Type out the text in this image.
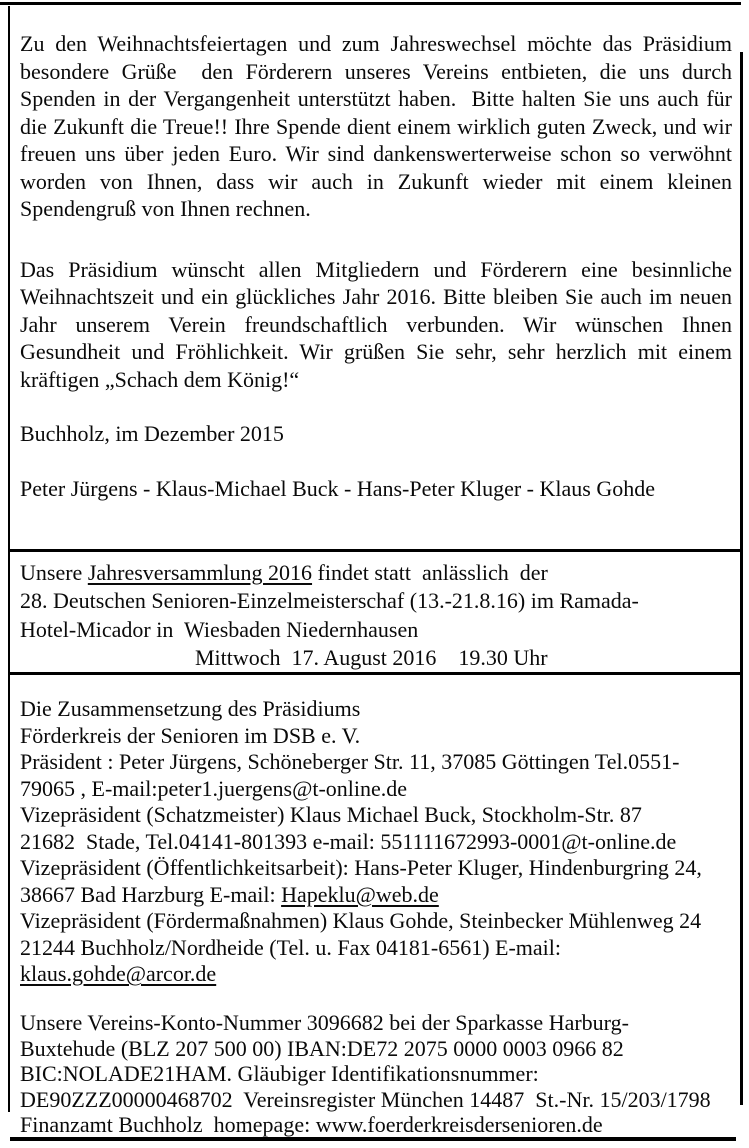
Zu den Weihnachtsfeiertagen und zum Jahreswechsel möchte das Präsidium besondere Grüße  den Förderern unseres Vereins entbieten, die uns durch Spenden in der Vergangenheit unterstützt haben.  Bitte halten Sie uns auch für die Zukunft die Treue!! Ihre Spende dient einem wirklich guten Zweck, und wir freuen uns über jeden Euro. Wir sind dankenswerterweise schon so verwöhnt worden von Ihnen, dass wir auch in Zukunft wieder mit einem kleinen Spendengruß von Ihnen rechnen.

Das Präsidium wünscht allen Mitgliedern und Förderern eine besinnliche Weihnachtszeit und ein glückliches Jahr 2016. Bitte bleiben Sie auch im neuen Jahr unserem Verein freundschaftlich verbunden. Wir wünschen Ihnen Gesundheit und Fröhlichkeit. Wir grüßen Sie sehr, sehr herzlich mit einem kräftigen „Schach dem König!“

Buchholz, im Dezember 2015
Peter Jürgens - Klaus-Michael Buck - Hans-Peter Kluger - Klaus Gohde
Unsere Jahresversammlung 2016 findet statt  anlässlich  der
28. Deutschen Senioren-Einzelmeisterschaf (13.-21.8.16) im Ramada-
Hotel-Micador in  Wiesbaden Niedernhausen
Mittwoch  17. August 2016    19.30 Uhr
Die Zusammensetzung des Präsidiums
Förderkreis der Senioren im DSB e. V.
Präsident : Peter Jürgens, Schöneberger Str. 11, 37085 Göttingen Tel.0551-
79065 , E-mail:peter1.juergens@t-online.de
Vizepräsident (Schatzmeister) Klaus Michael Buck, Stockholm-Str. 87
21682  Stade, Tel.04141-801393 e-mail: 551111672993-0001@t-online.de
Vizepräsident (Öffentlichkeitsarbeit): Hans-Peter Kluger, Hindenburgring 24,
38667 Bad Harzburg E-mail: Hapeklu@web.de
Vizepräsident (Fördermaßnahmen) Klaus Gohde, Steinbecker Mühlenweg 24
21244 Buchholz/Nordheide (Tel. u. Fax 04181-6561) E-mail:
klaus.gohde@arcor.de
Unsere Vereins-Konto-Nummer 3096682 bei der Sparkasse Harburg-
Buxtehude (BLZ 207 500 00) IBAN:DE72 2075 0000 0003 0966 82
BIC:NOLADE21HAM. Gläubiger Identifikationsnummer:
DE90ZZZ00000468702  Vereinsregister München 14487  St.-Nr. 15/203/1798
Finanzamt Buchholz  homepage: www.foerderkreisdersenioren.de
